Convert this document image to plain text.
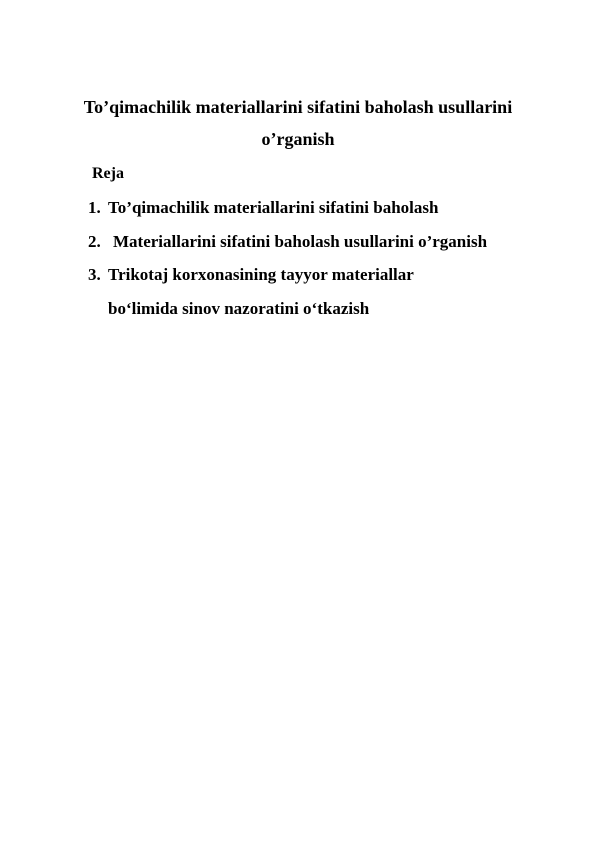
To’qimachilik materiallarini sifatini baholash usullarini
o’rganish
Reja
1. To’qimachilik materiallarini sifatini baholash
2. Materiallarini sifatini baholash usullarini o’rganish
3. Trikotaj korxonasining tayyor materiallar
bo‘limida sinov nazoratini o‘tkazish
